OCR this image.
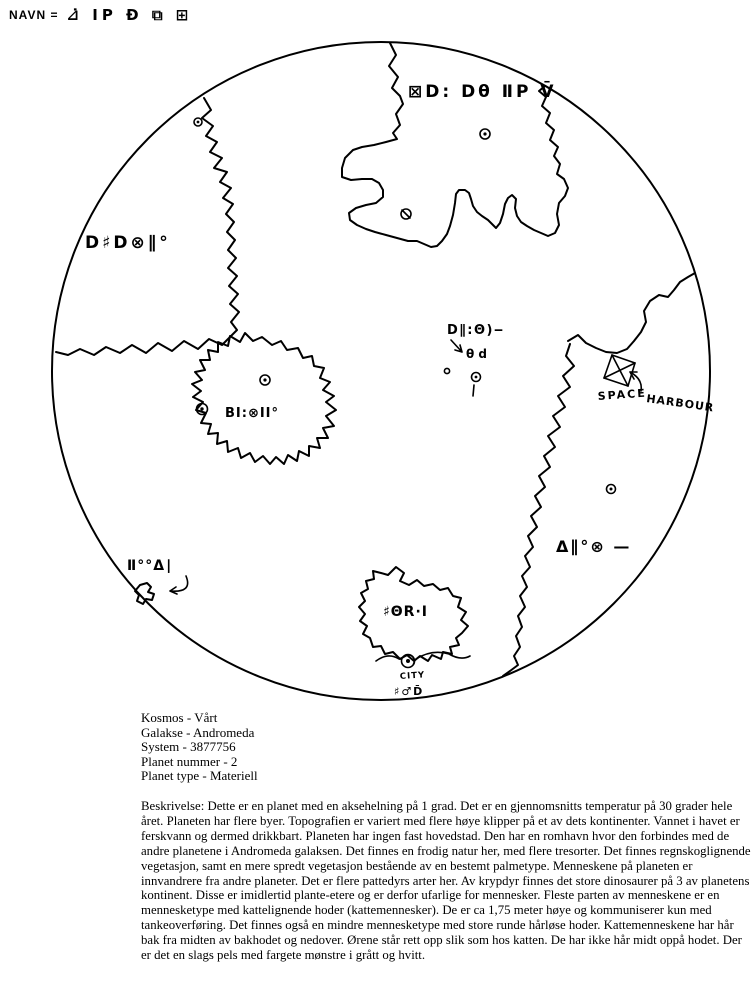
NAVN = ⊿̇ ΙΡ Ð ⧉ ⊞
D∥:Θ)‒
θ d
SPACE
HARBOUR
CITY
♯♂D̄
⊠D: Dθ ⅡP V̄
D♯D⊗∥°
ΒΙ:⊗ΙΙ°
Δ∥°⊗ —
Ⅱ°°Δ∣
♯ΘR·Ι
Kosmos - Vårt
Galakse - Andromeda
System - 3877756
Planet nummer - 2
Planet type - Materiell
Beskrivelse: Dette er en planet med en aksehelning på 1 grad. Det er en gjennomsnitts temperatur på 30 grader hele året. Planeten har flere byer. Topografien er variert med flere høye klipper på et av dets kontinenter. Vannet i havet er ferskvann og dermed drikkbart. Planeten har ingen fast hovedstad. Den har en romhavn hvor den forbindes med de andre planetene i Andromeda galaksen. Det finnes en frodig natur her, med flere tresorter. Det finnes regnskoglignende vegetasjon, samt en mere spredt vegetasjon bestående av en bestemt palmetype. Menneskene på planeten er innvandrere fra andre planeter. Det er flere pattedyrs arter her. Av krypdyr finnes det store dinosaurer på 3 av planetens kontinent. Disse er imidlertid plante-etere og er derfor ufarlige for mennesker. Fleste parten av menneskene er en mennesketype med kattelignende hoder (kattemennesker). De er ca 1,75 meter høye og kommuniserer kun med tankeoverføring. Det finnes også en mindre mennesketype med store runde hårløse hoder. Kattemenneskene har hår bak fra midten av bakhodet og nedover. Ørene står rett opp slik som hos katten. De har ikke hår midt oppå hodet. Der er det en slags pels med fargete mønstre i grått og hvitt.
